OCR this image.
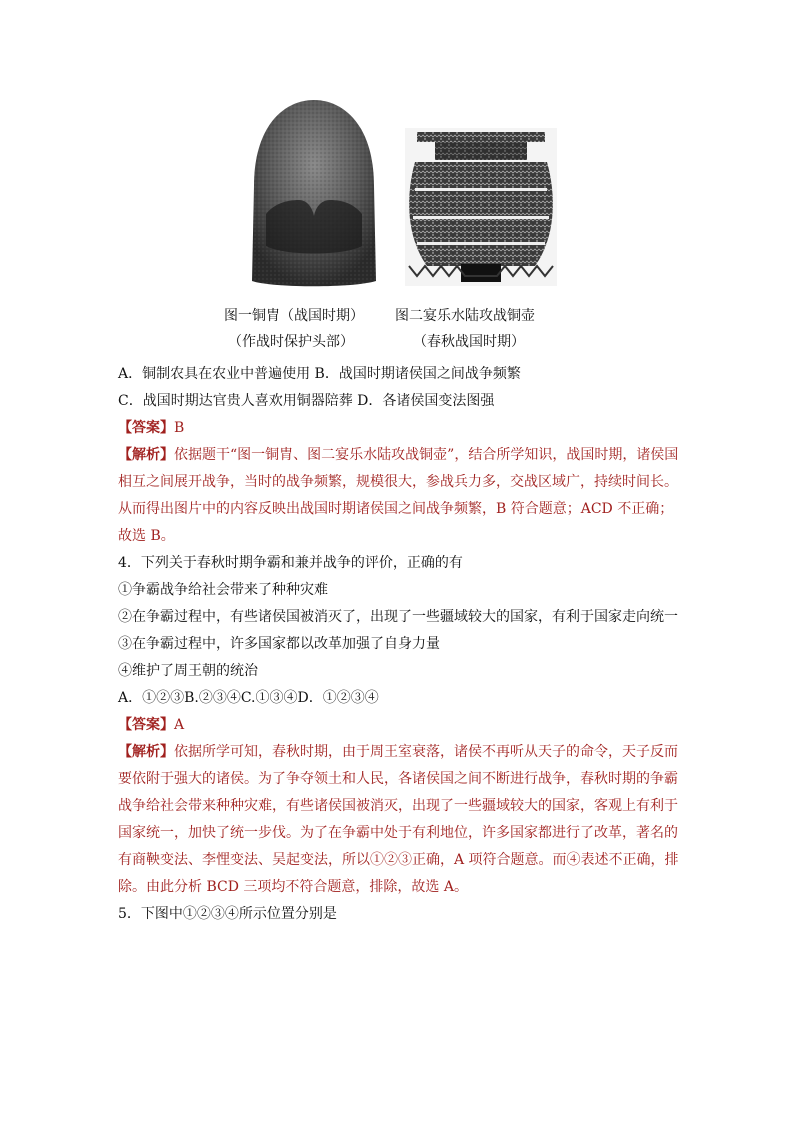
图一铜胄（战国时期） 图二宴乐水陆攻战铜壶
（作战时保护头部）	（春秋战国时期）
A．铜制农具在农业中普遍使用 B．战国时期诸侯国之间战争频繁
C．战国时期达官贵人喜欢用铜器陪葬 D．各诸侯国变法图强
【答案】B
【解析】依据题干“图一铜胄、图二宴乐水陆攻战铜壶”，结合所学知识，战国时期，诸侯国
相互之间展开战争，当时的战争频繁，规模很大，参战兵力多，交战区域广，持续时间长。
从而得出图片中的内容反映出战国时期诸侯国之间战争频繁，B 符合题意；ACD 不正确；
故选 B。
4．下列关于春秋时期争霸和兼并战争的评价，正确的有
①争霸战争给社会带来了种种灾难
②在争霸过程中，有些诸侯国被消灭了，出现了一些疆域较大的国家，有利于国家走向统一
③在争霸过程中，许多国家都以改革加强了自身力量
④维护了周王朝的统治
A．①②③B.②③④C.①③④D．①②③④
【答案】A
【解析】依据所学可知，春秋时期，由于周王室衰落，诸侯不再听从天子的命令，天子反而
要依附于强大的诸侯。为了争夺领土和人民，各诸侯国之间不断进行战争，春秋时期的争霸
战争给社会带来种种灾难，有些诸侯国被消灭，出现了一些疆域较大的国家，客观上有利于
国家统一，加快了统一步伐。为了在争霸中处于有利地位，许多国家都进行了改革，著名的
有商鞅变法、李悝变法、吴起变法，所以①②③正确，A 项符合题意。而④表述不正确，排
除。由此分析 BCD 三项均不符合题意，排除，故选 A。
5．下图中①②③④所示位置分别是
